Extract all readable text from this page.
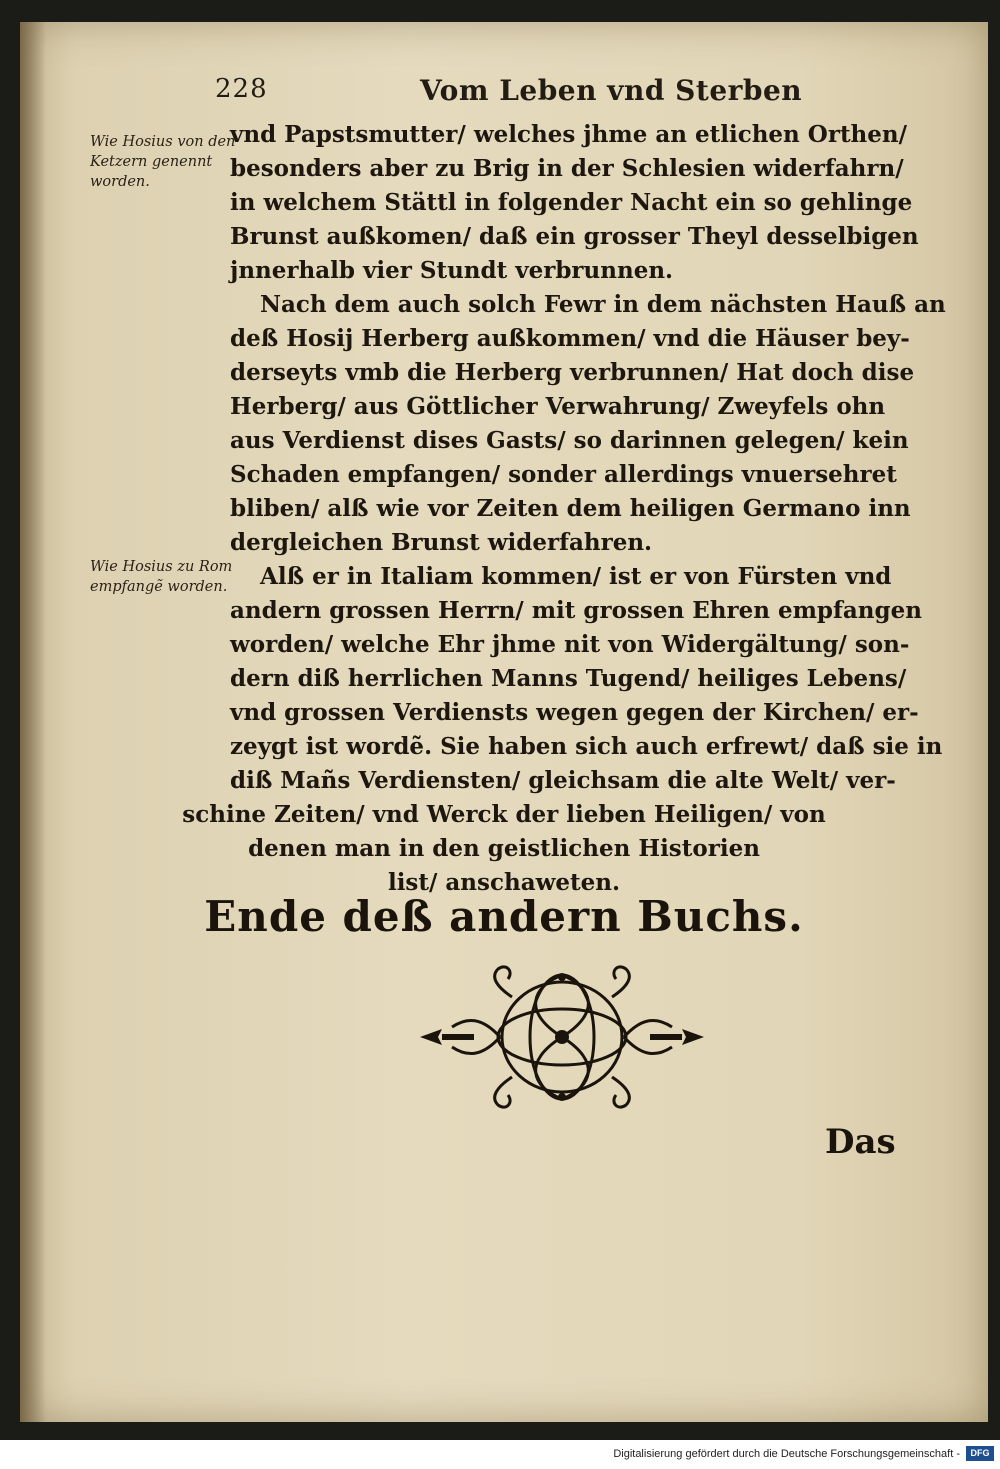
228	Vom Leben vnd Sterben
Wie Hosius von den Ketzern genennt worden.
Wie Hosius zu Rom empfangẽ worden.
vnd Papstsmutter/ welches jhme an etlichen Orthen/
besonders aber zu Brig in der Schlesien widerfahrn/
in welchem Stättl in folgender Nacht ein so gehlinge
Brunst außkomen/ daß ein grosser Theyl desselbigen
jnnerhalb vier Stundt verbrunnen.
Nach dem auch solch Fewr in dem nächsten Hauß an
deß Hosij Herberg außkommen/ vnd die Häuser bey-
derseyts vmb die Herberg verbrunnen/ Hat doch dise
Herberg/ aus Göttlicher Verwahrung/ Zweyfels ohn
aus Verdienst dises Gasts/ so darinnen gelegen/ kein
Schaden empfangen/ sonder allerdings vnuersehret
bliben/ alß wie vor Zeiten dem heiligen Germano inn
dergleichen Brunst widerfahren.
Alß er in Italiam kommen/ ist er von Fürsten vnd
andern grossen Herrn/ mit grossen Ehren empfangen
worden/ welche Ehr jhme nit von Widergältung/ son-
dern diß herrlichen Manns Tugend/ heiliges Lebens/
vnd grossen Verdiensts wegen gegen der Kirchen/ er-
zeygt ist wordẽ. Sie haben sich auch erfrewt/ daß sie in
diß Mañs Verdiensten/ gleichsam die alte Welt/ ver-
schine Zeiten/ vnd Werck der lieben Heiligen/ von
denen man in den geistlichen Historien
list/ anschaweten.
Ende deß andern Buchs.
Das
Digitalisierung gefördert durch die Deutsche Forschungsgemeinschaft -	DFG
